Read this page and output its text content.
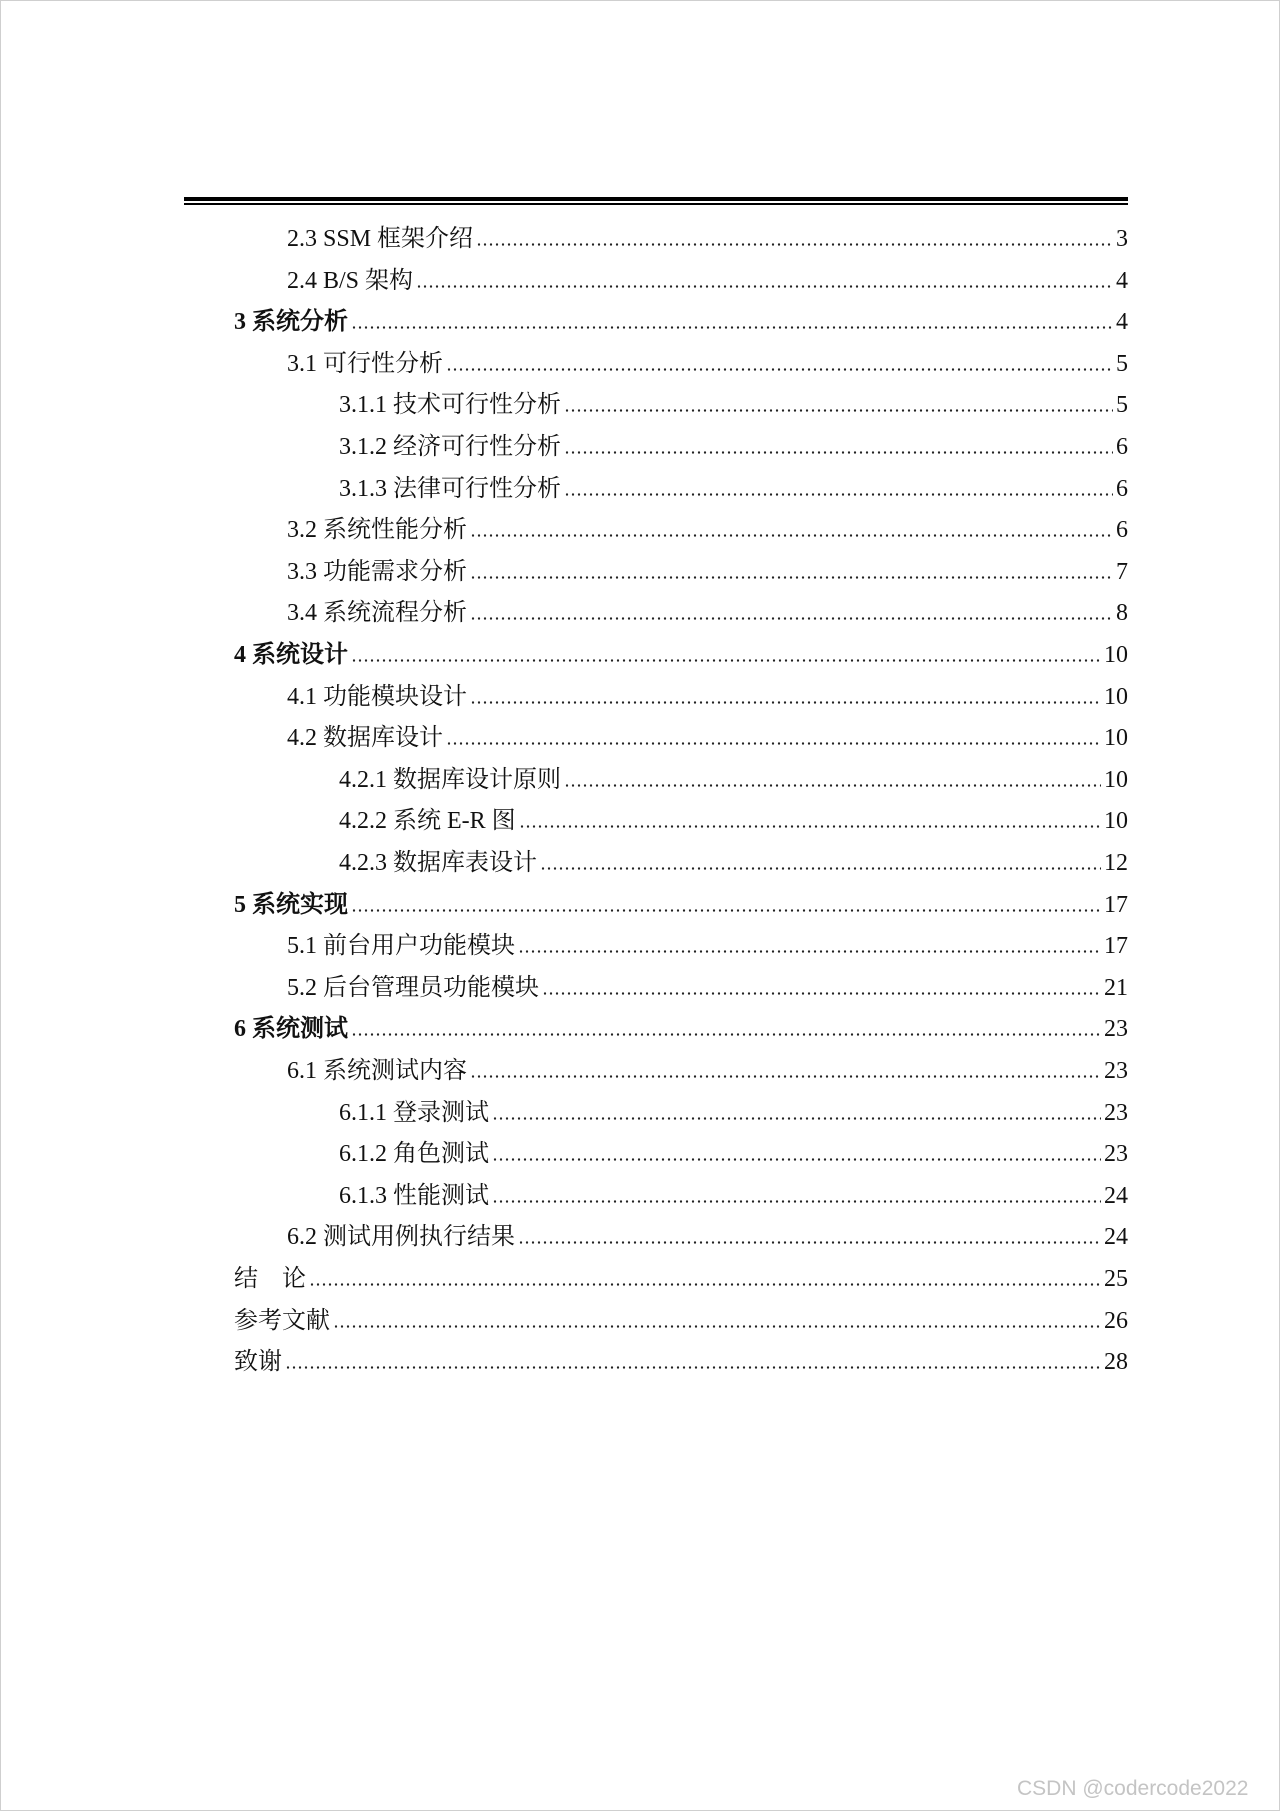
2.3 SSM 框架介绍	3
2.4 B/S 架构	4
3 系统分析	4
3.1 可行性分析	5
3.1.1 技术可行性分析	5
3.1.2 经济可行性分析	6
3.1.3 法律可行性分析	6
3.2 系统性能分析	6
3.3 功能需求分析	7
3.4 系统流程分析	8
4 系统设计	10
4.1 功能模块设计	10
4.2 数据库设计	10
4.2.1 数据库设计原则	10
4.2.2 系统 E-R 图	10
4.2.3 数据库表设计	12
5 系统实现	17
5.1 前台用户功能模块	17
5.2 后台管理员功能模块	21
6 系统测试	23
6.1 系统测试内容	23
6.1.1 登录测试	23
6.1.2 角色测试	23
6.1.3 性能测试	24
6.2 测试用例执行结果	24
结　论	25
参考文献	26
致谢	28
CSDN @codercode2022
